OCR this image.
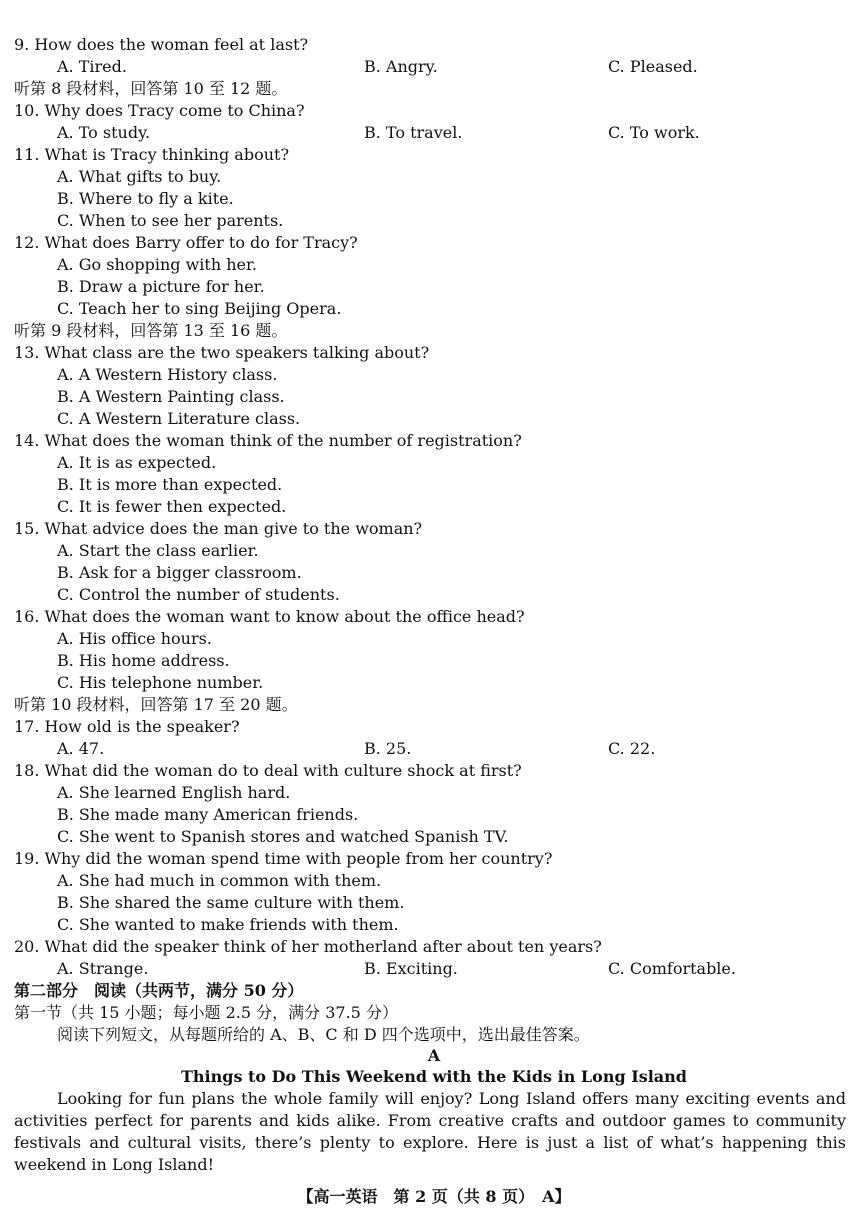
9. How does the woman feel at last?
A. Tired.	B. Angry.	C. Pleased.
听第 8 段材料，回答第 10 至 12 题。
10. Why does Tracy come to China?
A. To study.	B. To travel.	C. To work.
11. What is Tracy thinking about?
A. What gifts to buy.
B. Where to fly a kite.
C. When to see her parents.
12. What does Barry offer to do for Tracy?
A. Go shopping with her.
B. Draw a picture for her.
C. Teach her to sing Beijing Opera.
听第 9 段材料，回答第 13 至 16 题。
13. What class are the two speakers talking about?
A. A Western History class.
B. A Western Painting class.
C. A Western Literature class.
14. What does the woman think of the number of registration?
A. It is as expected.
B. It is more than expected.
C. It is fewer then expected.
15. What advice does the man give to the woman?
A. Start the class earlier.
B. Ask for a bigger classroom.
C. Control the number of students.
16. What does the woman want to know about the office head?
A. His office hours.
B. His home address.
C. His telephone number.
听第 10 段材料，回答第 17 至 20 题。
17. How old is the speaker?
A. 47.	B. 25.	C. 22.
18. What did the woman do to deal with culture shock at first?
A. She learned English hard.
B. She made many American friends.
C. She went to Spanish stores and watched Spanish TV.
19. Why did the woman spend time with people from her country?
A. She had much in common with them.
B. She shared the same culture with them.
C. She wanted to make friends with them.
20. What did the speaker think of her motherland after about ten years?
A. Strange.	B. Exciting.	C. Comfortable.
第二部分　阅读（共两节，满分 50 分）
第一节（共 15 小题；每小题 2.5 分，满分 37.5 分）
阅读下列短文，从每题所给的 A、B、C 和 D 四个选项中，选出最佳答案。
A
Things to Do This Weekend with the Kids in Long Island
Looking for fun plans the whole family will enjoy? Long Island offers many exciting events and activities perfect for parents and kids alike. From creative crafts and outdoor games to community festivals and cultural visits, there’s plenty to explore. Here is just a list of what’s happening this weekend in Long Island!
【高一英语　第 2 页（共 8 页）　A】
